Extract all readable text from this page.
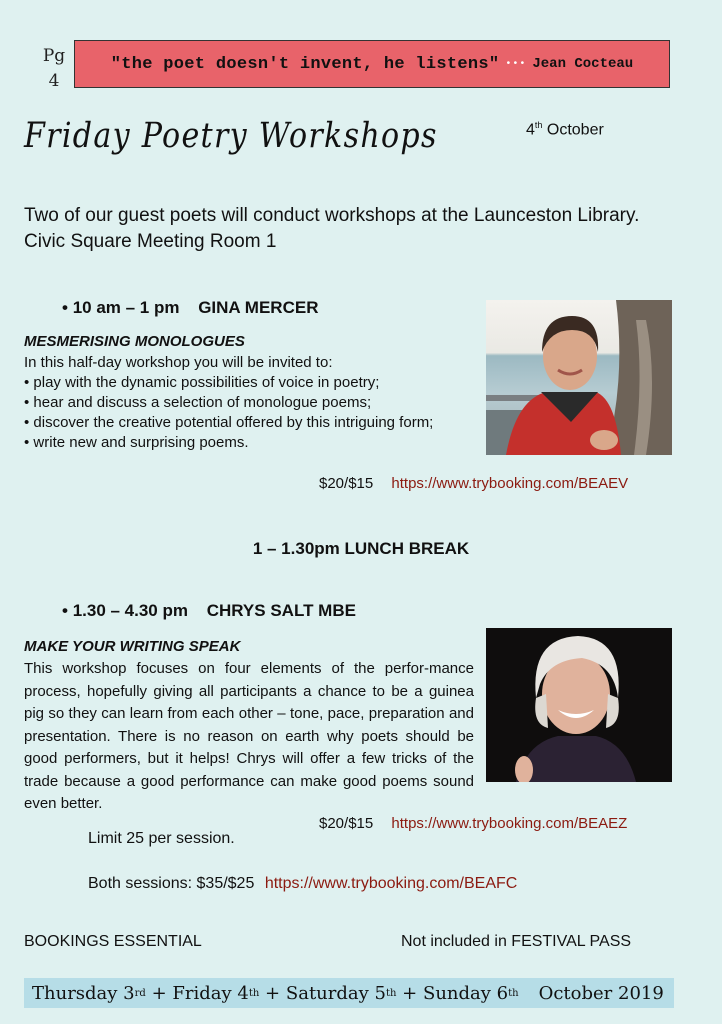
Pg
4
"the poet doesn't invent, he listens" ••• Jean Cocteau
Friday Poetry Workshops	4th October
Two of our guest poets will conduct workshops at the Launceston Library.
Civic Square Meeting Room 1
• 10 am – 1 pm GINA MERCER
MESMERISING MONOLOGUES
In this half-day workshop you will be invited to:
• play with the dynamic possibilities of voice in poetry;
• hear and discuss a selection of monologue poems;
• discover the creative potential offered by this intriguing form;
• write new and surprising poems.
$20/$15 https://www.trybooking.com/BEAEV
1 – 1.30pm LUNCH BREAK
• 1.30 – 4.30 pm CHRYS SALT MBE
MAKE YOUR WRITING SPEAK
This workshop focuses on four elements of the perfor-mance process, hopefully giving all participants a chance to be a guinea pig so they can learn from each other – tone, pace, preparation and presentation. There is no reason on earth why poets should be good performers, but it helps! Chrys will offer a few tricks of the trade because a good performance can make good poems sound even better.
$20/$15 https://www.trybooking.com/BEAEZ
Limit 25 per session.
Both sessions: $35/$25 https://www.trybooking.com/BEAFC
BOOKINGS ESSENTIAL	Not included in FESTIVAL PASS
Thursday 3 rd
+
Friday 4 th
+
Saturday 5 th
+
Sunday 6 th October 2019
